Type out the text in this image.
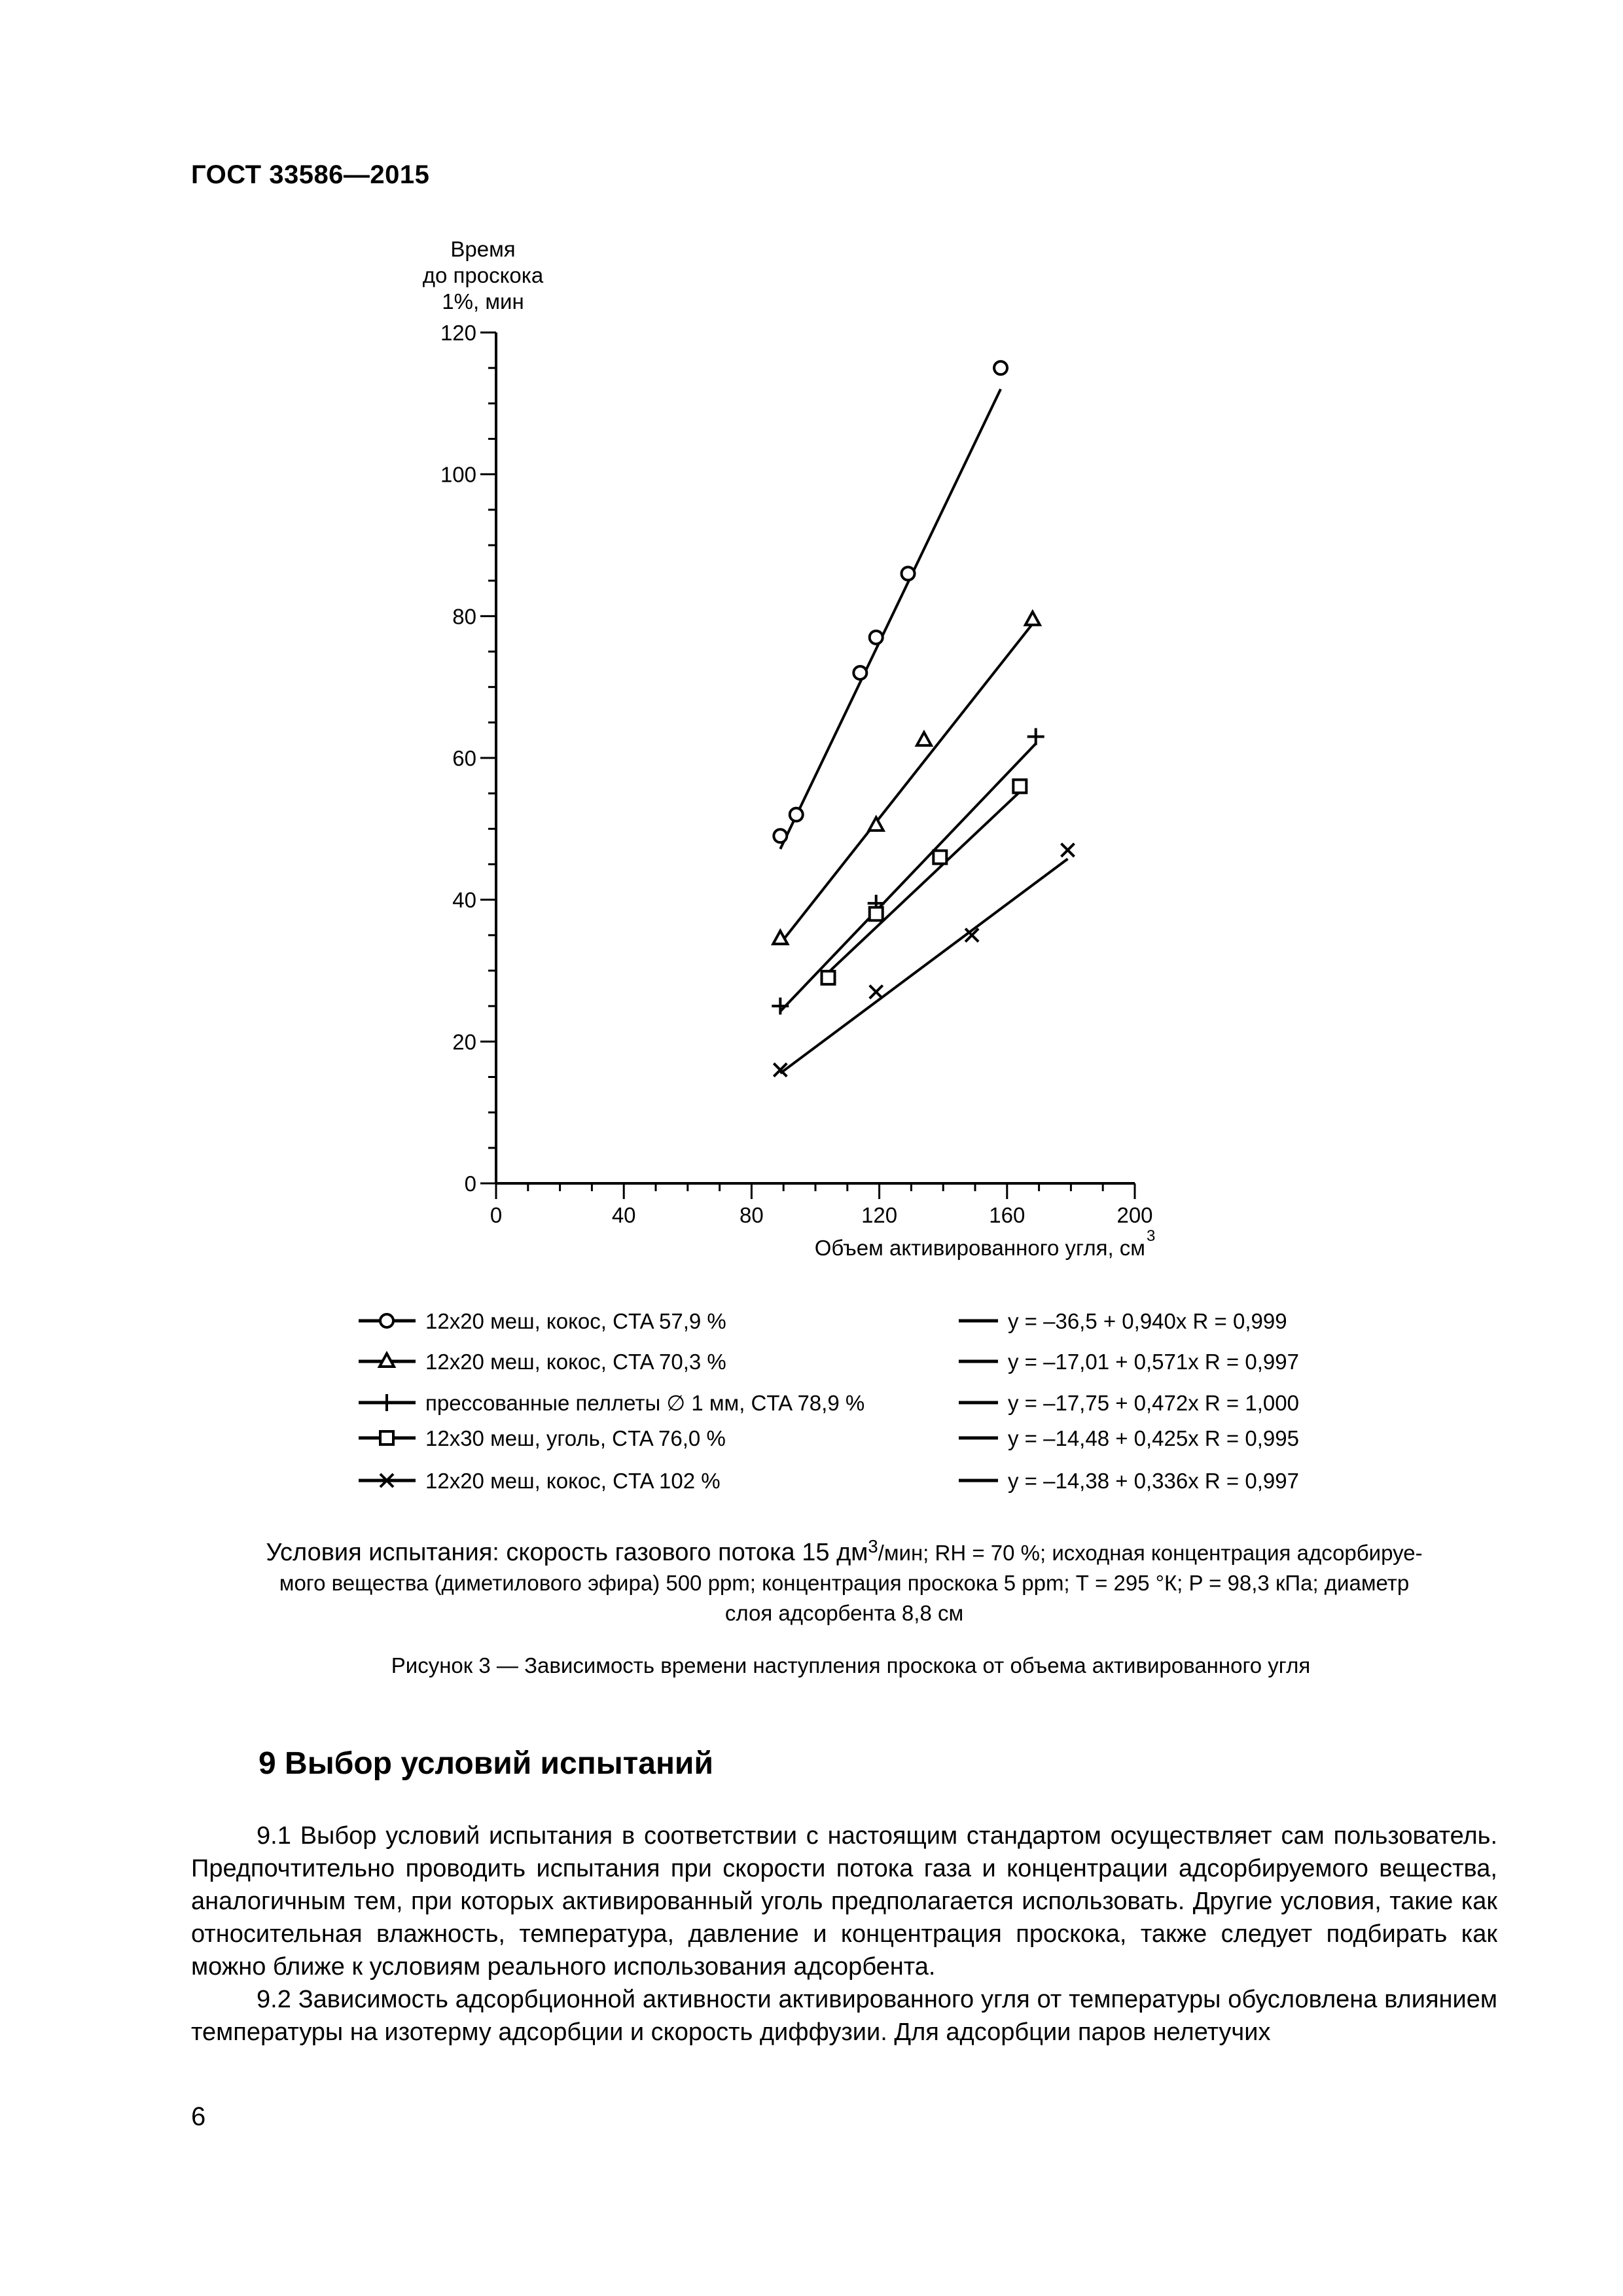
ГОСТ 33586—2015
0
20
40
60
80
100
120
0	40	80	120	160	200
Время
до проскока
1%, мин
Объем активированного угля, см 3
12x20 меш, кокос, CTA 57,9 %	y = –36,5 + 0,940x R = 0,999
12x20 меш, кокос, CTA 70,3 %	y = –17,01 + 0,571x R = 0,997
прессованные пеллеты ∅ 1 мм, CTA 78,9 %	y = –17,75 + 0,472x R = 1,000
12x30 меш, уголь, CTA 76,0 %	y = –14,48 + 0,425x R = 0,995
12x20 меш, кокос, CTA 102 %	y = –14,38 + 0,336x R = 0,997
Условия испытания: скорость газового потока 15 $дм^3$/мин; RH = 70 %; исходная концентрация адсорбируе-
мого вещества (диметилового эфира) 500 ppm; концентрация проскока 5 ppm; Т = 295 °К; P = 98,3 кПа; диаметр
слоя адсорбента 8,8 см
Рисунок 3 — Зависимость времени наступления проскока от объема активированного угля
9 Выбор условий испытаний

9.1 Выбор условий испытания в соответствии с настоящим стандартом осуществляет сам пользователь. Предпочтительно проводить испытания при скорости потока газа и концентрации адсорбируемого вещества, аналогичным тем, при которых активированный уголь предполагается использовать. Другие условия, такие как относительная влажность, температура, давление и концентрация проскока, также следует подбирать как можно ближе к условиям реального использования адсорбента.

9.2 Зависимость адсорбционной активности активированного угля от температуры обусловлена влиянием температуры на изотерму адсорбции и скорость диффузии. Для адсорбции паров нелетучих

6
